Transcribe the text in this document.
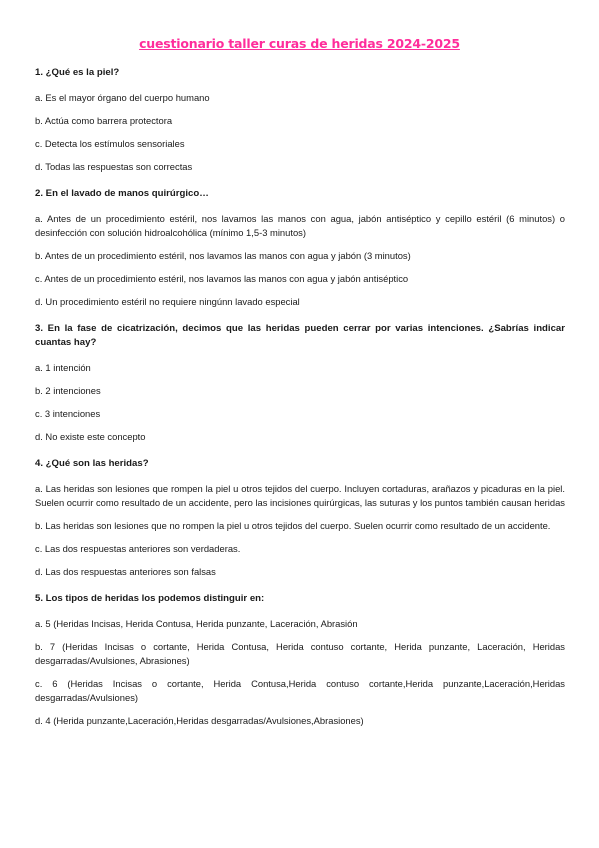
cuestionario taller curas de heridas 2024-2025

1. ¿Qué es la piel?

a. Es el mayor órgano del cuerpo humano

b. Actúa como barrera protectora

c. Detecta los estímulos sensoriales

d. Todas las respuestas son correctas

2. En el lavado de manos quirúrgico…

a. Antes de un procedimiento estéril, nos lavamos las manos con agua, jabón antiséptico y cepillo estéril (6 minutos) o desinfección con solución hidroalcohólica (mínimo 1,5-3 minutos)

b. Antes de un procedimiento estéril, nos lavamos las manos con agua y jabón (3 minutos)

c. Antes de un procedimiento estéril, nos lavamos las manos con agua y jabón antiséptico

d. Un procedimiento estéril no requiere ningúnn lavado especial

3. En la fase de cicatrización, decimos que las heridas pueden cerrar por varias intenciones. ¿Sabrías indicar cuantas hay?

a. 1 intención

b. 2 intenciones

c. 3 intenciones

d. No existe este concepto

4. ¿Qué son las heridas?

a. Las heridas son lesiones que rompen la piel u otros tejidos del cuerpo. Incluyen cortaduras, arañazos y picaduras en la piel. Suelen ocurrir como resultado de un accidente, pero las incisiones quirúrgicas, las suturas y los puntos también causan heridas

b. Las heridas son lesiones que no rompen la piel u otros tejidos del cuerpo. Suelen ocurrir como resultado de un accidente.

c. Las dos respuestas anteriores son verdaderas.

d. Las dos respuestas anteriores son falsas

5. Los tipos de heridas los podemos distinguir en:

a. 5 (Heridas Incisas, Herida Contusa, Herida punzante, Laceración, Abrasión

b. 7 (Heridas Incisas o cortante, Herida Contusa, Herida contuso cortante, Herida punzante, Laceración, Heridas desgarradas/Avulsiones, Abrasiones)

c. 6 (Heridas Incisas o cortante, Herida Contusa,Herida contuso cortante,Herida punzante,Laceración,Heridas desgarradas/Avulsiones)

d. 4 (Herida punzante,Laceración,Heridas desgarradas/Avulsiones,Abrasiones)
